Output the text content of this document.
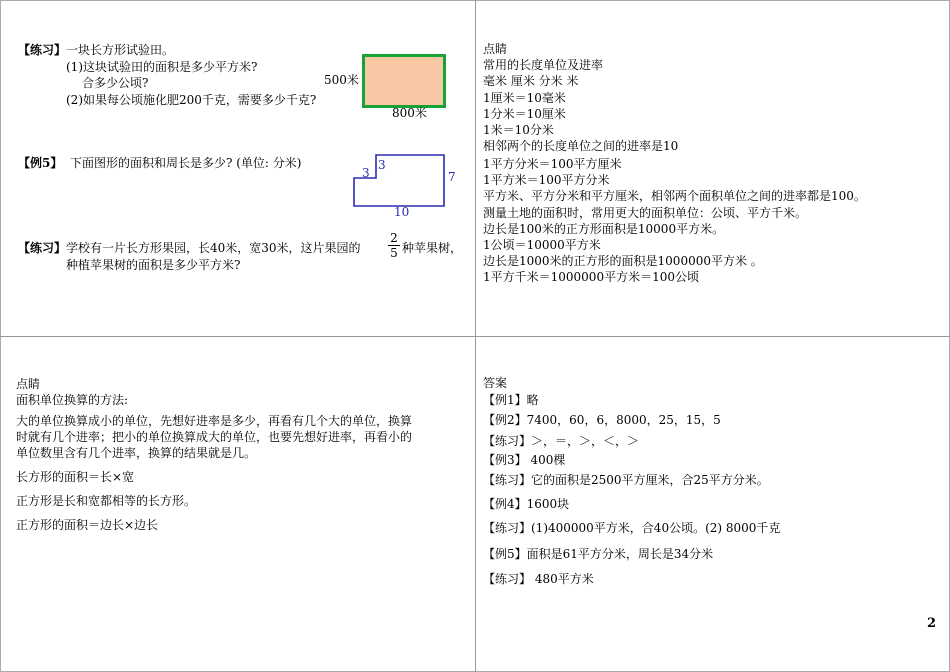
【练习】一块长方形试验田。
(1)这块试验田的面积是多少平方米?
合多少公顷?
(2)如果每公顷施化肥200千克，需要多少千克?
500米
800米
【例5】 下面图形的面积和周长是多少? (单位: 分米)
3
3
7
10
【练习】学校有一片长方形果园，长40米，宽30米，这片果园的 $\frac{2}{5}$ 种苹果树，
种植苹果树的面积是多少平方米?
点睛
常用的长度单位及进率
毫米 厘米 分米 米
1厘米＝10毫米
1分米＝10厘米
1米＝10分米
相邻两个的长度单位之间的进率是10
1平方分米＝100平方厘米
1平方米＝100平方分米
平方米、平方分米和平方厘米，相邻两个面积单位之间的进率都是100。
测量土地的面积时，常用更大的面积单位：公顷、平方千米。
边长是100米的正方形面积是10000平方米。
1公顷＝10000平方米
边长是1000米的正方形的面积是1000000平方米 。
1平方千米＝1000000平方米＝100公顷
点睛
面积单位换算的方法:
大的单位换算成小的单位，先想好进率是多少，再看有几个大的单位，换算
时就有几个进率；把小的单位换算成大的单位，也要先想好进率，再看小的
单位数里含有几个进率，换算的结果就是几。
长方形的面积＝长×宽
正方形是长和宽都相等的长方形。
正方形的面积＝边长×边长
答案
【例1】略
【例2】7400，60，6，8000，25，15，5
【练习】＞，＝，＞，＜，＞
【例3】 400棵
【练习】它的面积是2500平方厘米，合25平方分米。
【例4】1600块
【练习】(1)400000平方米，合40公顷。(2) 8000千克
【例5】面积是61平方分米，周长是34分米
【练习】 480平方米
2
